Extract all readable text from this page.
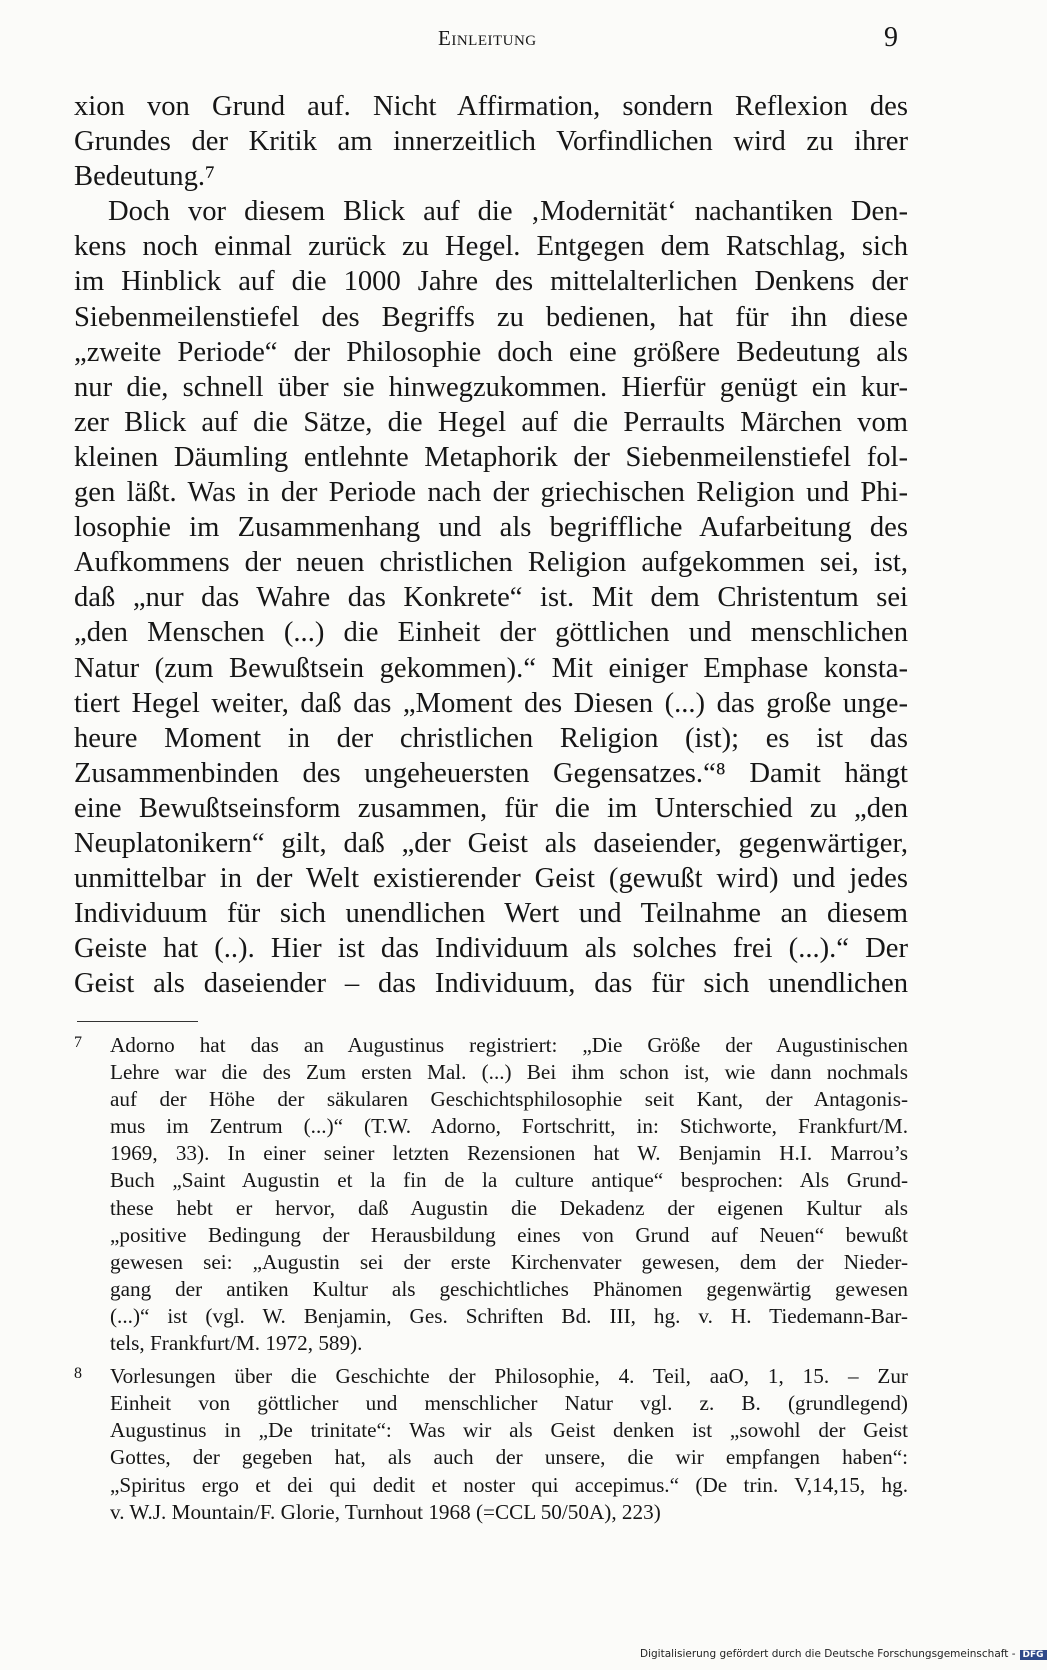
Einleitung	9
xion von Grund auf. Nicht Affirmation, sondern Reflexion des
Grundes der Kritik am innerzeitlich Vorfindlichen wird zu ihrer
Bedeutung.⁷
Doch vor diesem Blick auf die ‚Modernität‘ nachantiken Den-
kens noch einmal zurück zu Hegel. Entgegen dem Ratschlag, sich
im Hinblick auf die 1000 Jahre des mittelalterlichen Denkens der
Siebenmeilenstiefel des Begriffs zu bedienen, hat für ihn diese
„zweite Periode“ der Philosophie doch eine größere Bedeutung als
nur die, schnell über sie hinwegzukommen. Hierfür genügt ein kur-
zer Blick auf die Sätze, die Hegel auf die Perraults Märchen vom
kleinen Däumling entlehnte Metaphorik der Siebenmeilenstiefel fol-
gen läßt. Was in der Periode nach der griechischen Religion und Phi-
losophie im Zusammenhang und als begriffliche Aufarbeitung des
Aufkommens der neuen christlichen Religion aufgekommen sei, ist,
daß „nur das Wahre das Konkrete“ ist. Mit dem Christentum sei
„den Menschen (...) die Einheit der göttlichen und menschlichen
Natur (zum Bewußtsein gekommen).“ Mit einiger Emphase konsta-
tiert Hegel weiter, daß das „Moment des Diesen (...) das große unge-
heure Moment in der christlichen Religion (ist); es ist das
Zusammenbinden des ungeheuersten Gegensatzes.“⁸ Damit hängt
eine Bewußtseinsform zusammen, für die im Unterschied zu „den
Neuplatonikern“ gilt, daß „der Geist als daseiender, gegenwärtiger,
unmittelbar in der Welt existierender Geist (gewußt wird) und jedes
Individuum für sich unendlichen Wert und Teilnahme an diesem
Geiste hat (..). Hier ist das Individuum als solches frei (...).“ Der
Geist als daseiender – das Individuum, das für sich unendlichen
7 Adorno hat das an Augustinus registriert: „Die Größe der Augustinischen
Lehre war die des Zum ersten Mal. (...) Bei ihm schon ist, wie dann nochmals
auf der Höhe der säkularen Geschichtsphilosophie seit Kant, der Antagonis-
mus im Zentrum (...)“ (T.W. Adorno, Fortschritt, in: Stichworte, Frankfurt/M.
1969, 33). In einer seiner letzten Rezensionen hat W. Benjamin H.I. Marrou’s
Buch „Saint Augustin et la fin de la culture antique“ besprochen: Als Grund-
these hebt er hervor, daß Augustin die Dekadenz der eigenen Kultur als
„positive Bedingung der Herausbildung eines von Grund auf Neuen“ bewußt
gewesen sei: „Augustin sei der erste Kirchenvater gewesen, dem der Nieder-
gang der antiken Kultur als geschichtliches Phänomen gegenwärtig gewesen
(...)“ ist (vgl. W. Benjamin, Ges. Schriften Bd. III, hg. v. H. Tiedemann-Bar-
tels, Frankfurt/M. 1972, 589).
8 Vorlesungen über die Geschichte der Philosophie, 4. Teil, aaO, 1, 15. – Zur
Einheit von göttlicher und menschlicher Natur vgl. z. B. (grundlegend)
Augustinus in „De trinitate“: Was wir als Geist denken ist „sowohl der Geist
Gottes, der gegeben hat, als auch der unsere, die wir empfangen haben“:
„Spiritus ergo et dei qui dedit et noster qui accepimus.“ (De trin. V,14,15, hg.
v. W.J. Mountain/F. Glorie, Turnhout 1968 (=CCL 50/50A), 223)
Digitalisierung gefördert durch die Deutsche Forschungsgemeinschaft - DFG
